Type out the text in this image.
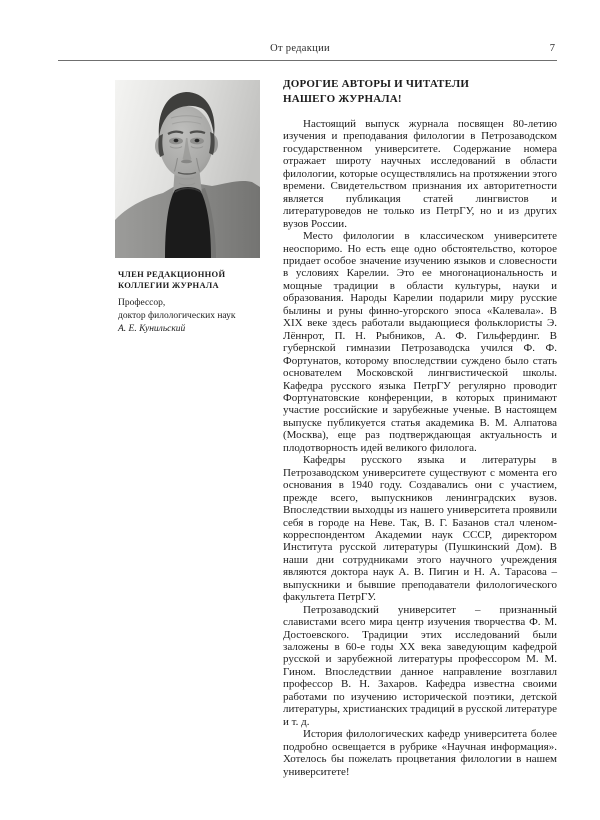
От редакции	7
ЧЛЕН РЕДАКЦИОННОЙ
КОЛЛЕГИИ ЖУРНАЛА
Профессор,
доктор филологических наук
А. Е. Кунильский
ДОРОГИЕ АВТОРЫ И ЧИТАТЕЛИ
НАШЕГО ЖУРНАЛА!

Настоящий выпуск журнала посвящен 80-летию изучения и преподавания филологии в Петрозаводском государственном университете. Содержание номера отражает широту научных исследований в области филологии, которые осуществлялись на протяжении этого времени. Свидетельством признания их авторитетности является публикация статей лингвистов и литературоведов не только из ПетрГУ, но и из других вузов России.

Место филологии в классическом университете неоспоримо. Но есть еще одно обстоятельство, которое придает особое значение изучению языков и словесности в условиях Карелии. Это ее многонациональность и мощные традиции в области культуры, науки и образования. Народы Карелии подарили миру русские былины и руны финно-угорского эпоса «Калевала». В XIX веке здесь работали выдающиеся фольклористы Э. Лённрот, П. Н. Рыбников, А. Ф. Гильфердинг. В губернской гимназии Петрозаводска учился Ф. Ф. Фортунатов, которому впоследствии суждено было стать основателем Московской лингвистической школы. Кафедра русского языка ПетрГУ регулярно проводит Фортунатовские конференции, в которых принимают участие российские и зарубежные ученые. В настоящем выпуске публикуется статья академика В. М. Алпатова (Москва), еще раз подтверждающая актуальность и плодотворность идей великого филолога.

Кафедры русского языка и литературы в Петрозаводском университете существуют с момента его основания в 1940 году. Создавались они с участием, прежде всего, выпускников ленинградских вузов. Впоследствии выходцы из нашего университета проявили себя в городе на Неве. Так, В. Г. Базанов стал членом-корреспондентом Академии наук СССР, директором Института русской литературы (Пушкинский Дом). В наши дни сотрудниками этого научного учреждения являются доктора наук А. В. Пигин и Н. А. Тарасова – выпускники и бывшие преподаватели филологического факультета ПетрГУ.

Петрозаводский университет – признанный славистами всего мира центр изучения творчества Ф. М. Достоевского. Традиции этих исследований были заложены в 60-е годы XX века заведующим кафедрой русской и зарубежной литературы профессором М. М. Гином. Впоследствии данное направление возглавил профессор В. Н. Захаров. Кафедра известна своими работами по изучению исторической поэтики, детской литературы, христианских традиций в русской литературе и т. д.

История филологических кафедр университета более подробно освещается в рубрике «Научная информация». Хотелось бы пожелать процветания филологии в нашем университете!
